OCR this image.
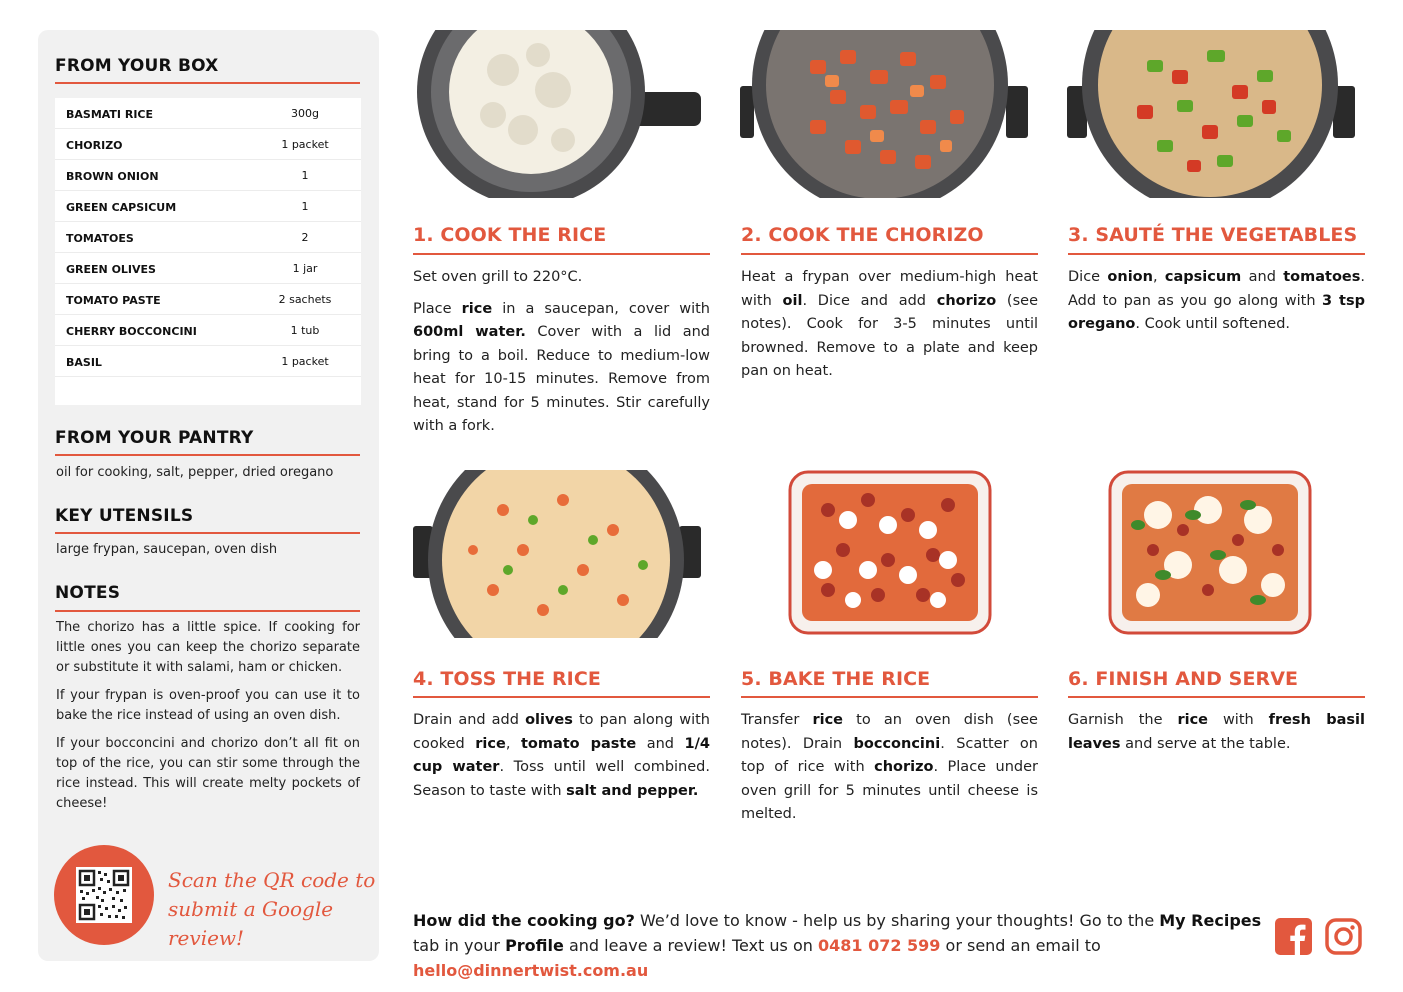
FROM YOUR BOX
BASMATI RICE	300g
CHORIZO	1 packet
BROWN ONION	1
GREEN CAPSICUM	1
TOMATOES	2
GREEN OLIVES	1 jar
TOMATO PASTE	2 sachets
CHERRY BOCCONCINI	1 tub
BASIL	1 packet
FROM YOUR PANTRY
oil for cooking, salt, pepper, dried oregano
KEY UTENSILS
large frypan, saucepan, oven dish
NOTES
The chorizo has a little spice. If cooking for little ones you can keep the chorizo separate or substitute it with salami, ham or chicken.
If your frypan is oven-proof you can use it to bake the rice instead of using an oven dish.
If your bocconcini and chorizo don’t all fit on top of the rice, you can stir some through the rice instead. This will create melty pockets of cheese!
Scan the QR code to
submit a Google review!
1. COOK THE RICE

Set oven grill to 220°C.

Place rice in a saucepan, cover with 600ml water. Cover with a lid and bring to a boil. Reduce to medium-low heat for 10-15 minutes. Remove from heat, stand for 5 minutes. Stir carefully with a fork.

2. COOK THE CHORIZO

Heat a frypan over medium-high heat with oil. Dice and add chorizo (see notes). Cook for 3-5 minutes until browned. Remove to a plate and keep pan on heat.

3. SAUTÉ THE VEGETABLES

Dice onion, capsicum and tomatoes. Add to pan as you go along with 3 tsp oregano. Cook until softened.

4. TOSS THE RICE

Drain and add olives to pan along with cooked rice, tomato paste and 1/4 cup water. Toss until well combined. Season to taste with salt and pepper.

5. BAKE THE RICE

Transfer rice to an oven dish (see notes). Drain bocconcini. Scatter on top of rice with chorizo. Place under oven grill for 5 minutes until cheese is melted.

6. FINISH AND SERVE

Garnish the rice with fresh basil leaves and serve at the table.

How did the cooking go? We’d love to know - help us by sharing your thoughts! Go to the My Recipes tab in your Profile and leave a review! Text us on 0481 072 599 or send an email to hello@dinnertwist.com.au
